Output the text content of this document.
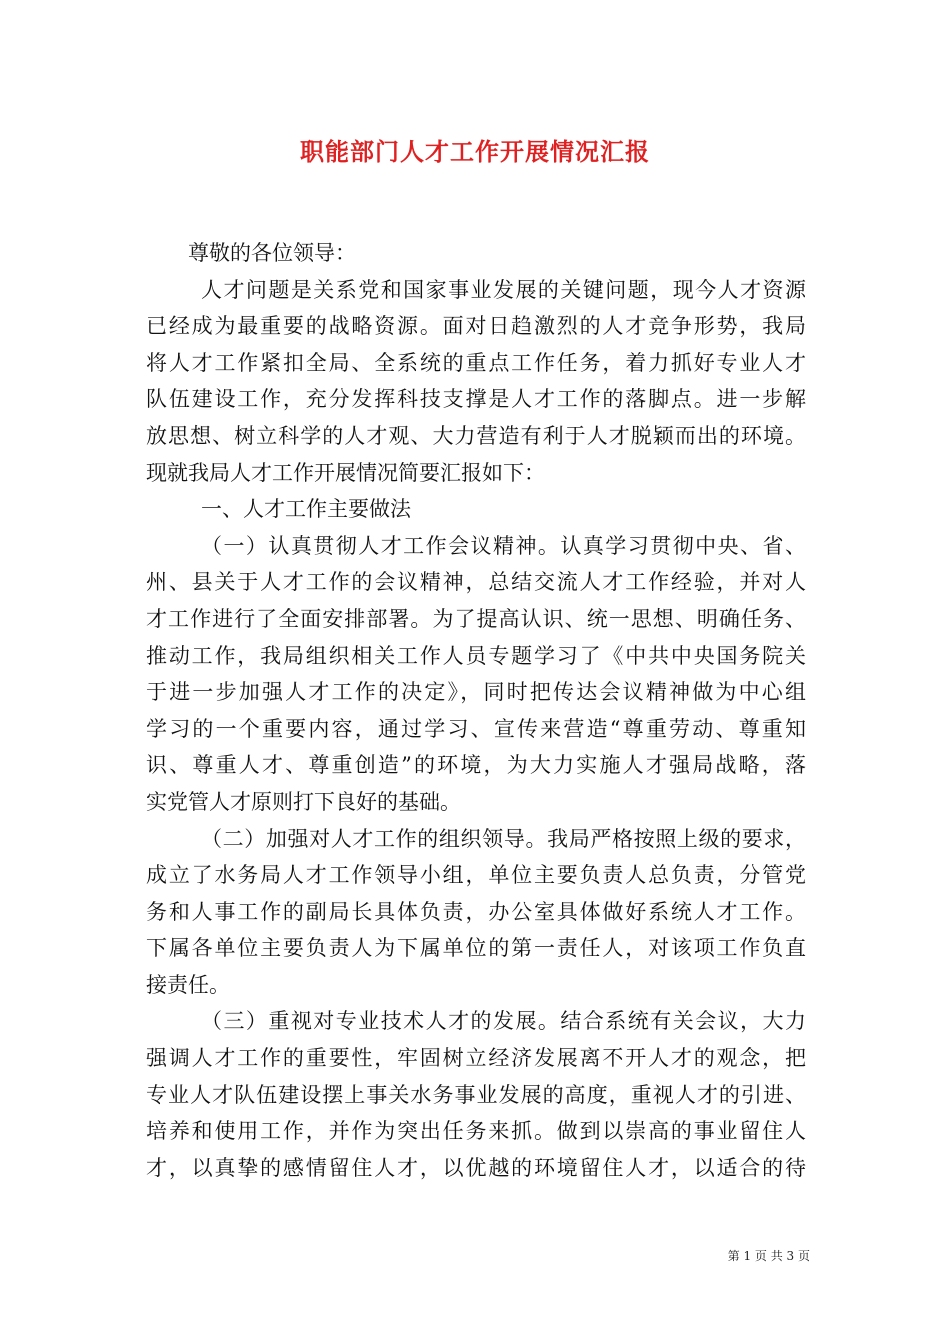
职能部门人才工作开展情况汇报
尊敬的各位领导：
人才问题是关系党和国家事业发展的关键问题，现今人才资源
已经成为最重要的战略资源。面对日趋激烈的人才竞争形势，我局
将人才工作紧扣全局、全系统的重点工作任务，着力抓好专业人才
队伍建设工作，充分发挥科技支撑是人才工作的落脚点。进一步解
放思想、树立科学的人才观、大力营造有利于人才脱颖而出的环境。
现就我局人才工作开展情况简要汇报如下：
一、人才工作主要做法
（一）认真贯彻人才工作会议精神。认真学习贯彻中央、省、
州、县关于人才工作的会议精神，总结交流人才工作经验，并对人
才工作进行了全面安排部署。为了提高认识、统一思想、明确任务、
推动工作，我局组织相关工作人员专题学习了《中共中央国务院关
于进一步加强人才工作的决定》，同时把传达会议精神做为中心组
学习的一个重要内容，通过学习、宣传来营造“尊重劳动、尊重知
识、尊重人才、尊重创造”的环境，为大力实施人才强局战略，落
实党管人才原则打下良好的基础。
（二）加强对人才工作的组织领导。我局严格按照上级的要求，
成立了水务局人才工作领导小组，单位主要负责人总负责，分管党
务和人事工作的副局长具体负责，办公室具体做好系统人才工作。
下属各单位主要负责人为下属单位的第一责任人，对该项工作负直
接责任。
（三）重视对专业技术人才的发展。结合系统有关会议，大力
强调人才工作的重要性，牢固树立经济发展离不开人才的观念，把
专业人才队伍建设摆上事关水务事业发展的高度，重视人才的引进、
培养和使用工作，并作为突出任务来抓。做到以崇高的事业留住人
才，以真挚的感情留住人才，以优越的环境留住人才，以适合的待
第 1 页 共 3 页
